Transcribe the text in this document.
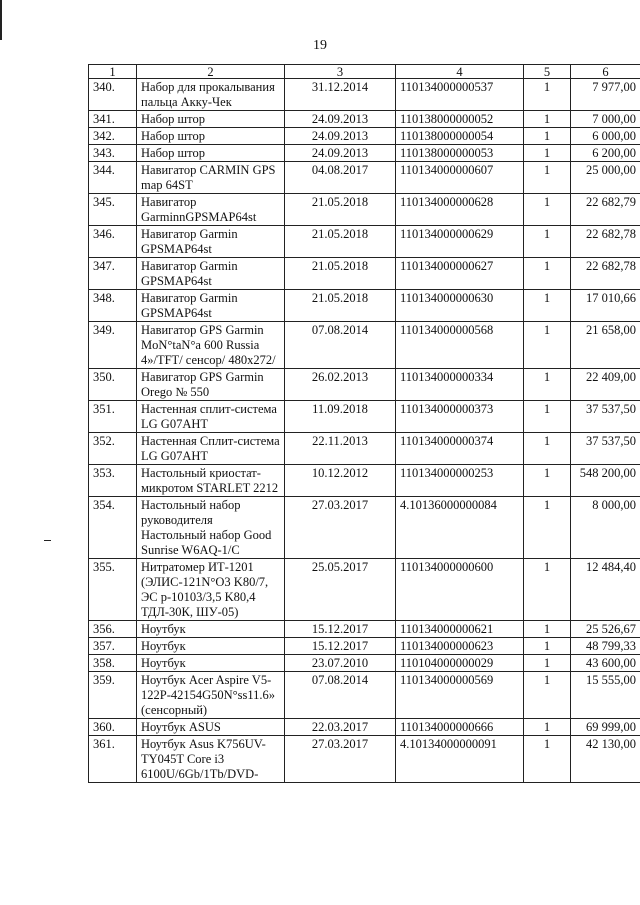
19
1	2	3	4	5	6
340.	Набор для прокалывания пальца Акку-Чек	31.12.2014	110134000000537	1	7 977,00
341.	Набор штор	24.09.2013	110138000000052	1	7 000,00
342.	Набор штор	24.09.2013	110138000000054	1	6 000,00
343.	Набор штор	24.09.2013	110138000000053	1	6 200,00
344.	Навигатор CARMIN GPS map 64ST	04.08.2017	110134000000607	1	25 000,00
345.	Навигатор GarminnGPSMAP64st	21.05.2018	110134000000628	1	22 682,79
346.	Навигатор Garmin GPSMAP64st	21.05.2018	110134000000629	1	22 682,78
347.	Навигатор Garmin GPSMAP64st	21.05.2018	110134000000627	1	22 682,78
348.	Навигатор Garmin GPSMAP64st	21.05.2018	110134000000630	1	17 010,66
349.	Навигатор GPS Garmin MoN°taN°a 600 Russia 4»/TFT/ сенсор/ 480x272/	07.08.2014	110134000000568	1	21 658,00
350.	Навигатор GPS Garmin Orego № 550	26.02.2013	110134000000334	1	22 409,00
351.	Настенная сплит-система LG G07AHT	11.09.2018	110134000000373	1	37 537,50
352.	Настенная Сплит-система LG G07AHT	22.11.2013	110134000000374	1	37 537,50
353.	Настольный криостат-микротом STARLET 2212	10.12.2012	110134000000253	1	548 200,00
354.	Настольный набор руководителя Настольный набор Good Sunrise W6AQ-1/C	27.03.2017	4.10136000000084	1	8 000,00
355.	Нитратомер ИТ-1201 (ЭЛИС-121N°O3 K80/7, ЭС р-10103/3,5 K80,4 ТДЛ-30К, ШУ-05)	25.05.2017	110134000000600	1	12 484,40
356.	Ноутбук	15.12.2017	110134000000621	1	25 526,67
357.	Ноутбук	15.12.2017	110134000000623	1	48 799,33
358.	Ноутбук	23.07.2010	110104000000029	1	43 600,00
359.	Ноутбук Acer Aspire V5-122P-42154G50N°ss11.6» (сенсорный)	07.08.2014	110134000000569	1	15 555,00
360.	Ноутбук ASUS	22.03.2017	110134000000666	1	69 999,00
361.	Ноутбук Asus K756UV-TY045T Core i3 6100U/6Gb/1Tb/DVD-	27.03.2017	4.10134000000091	1	42 130,00
